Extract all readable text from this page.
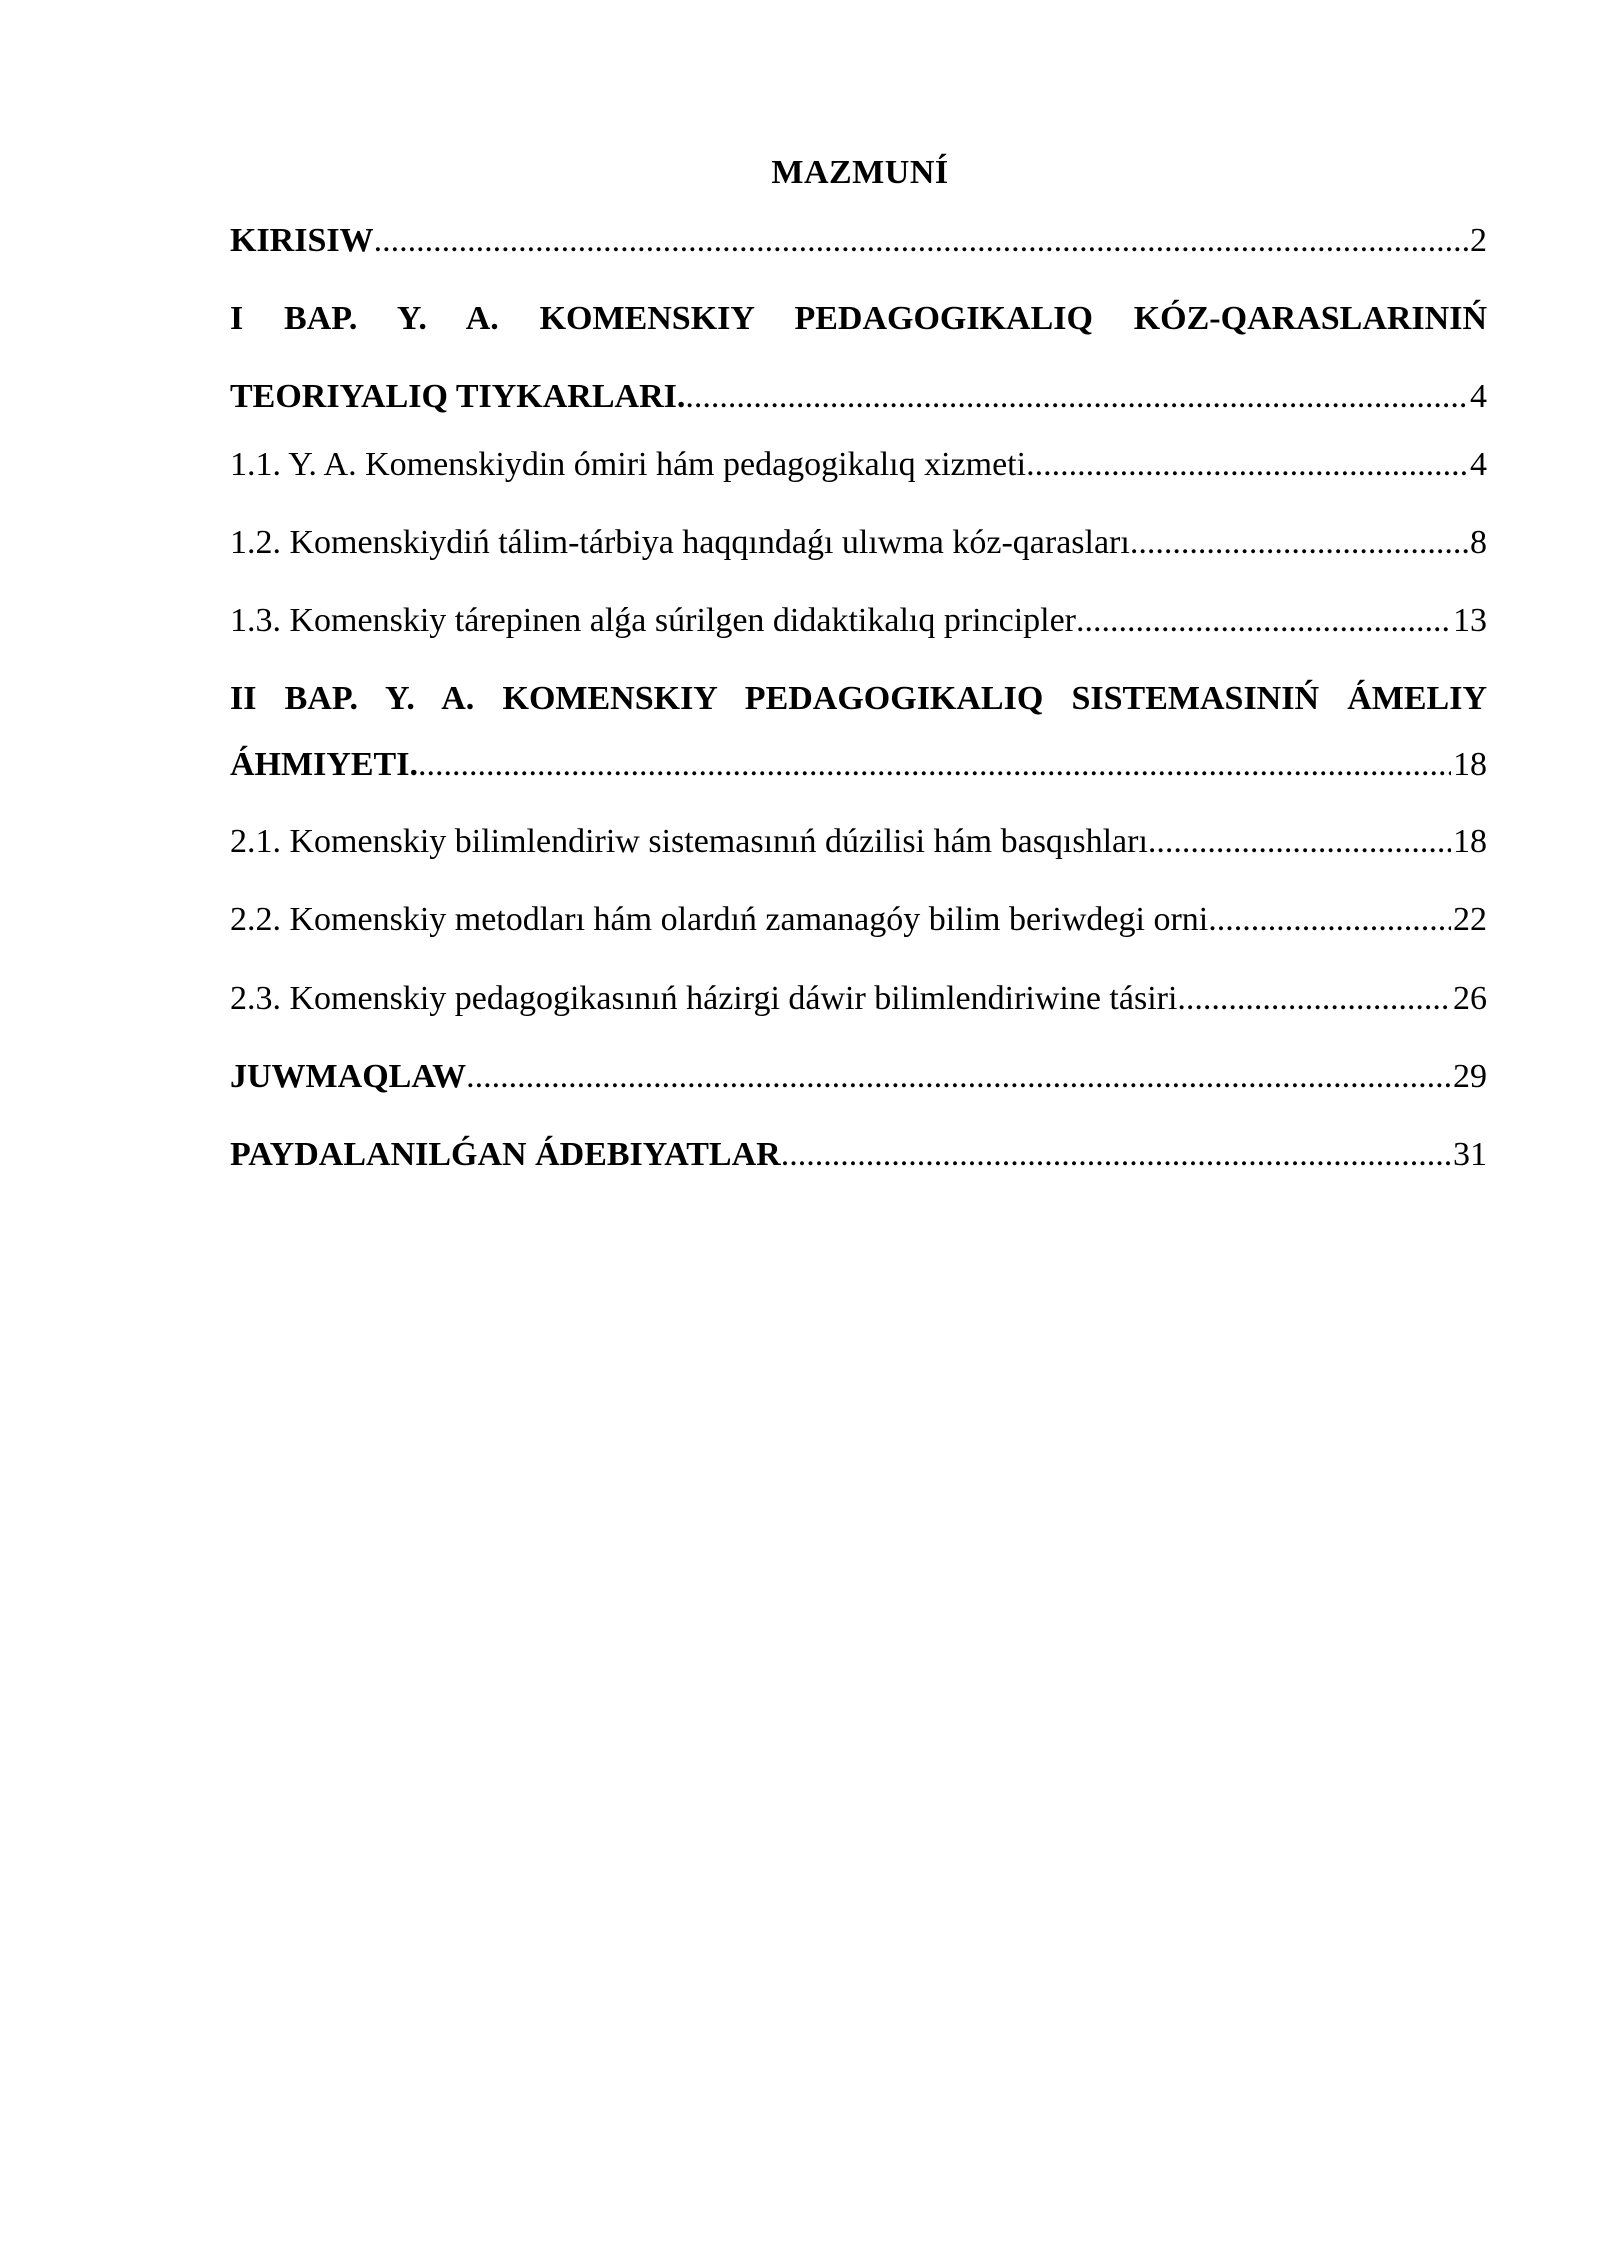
MAZMUNÍ
KIRISIW .....	2
I BAP. Y. A. KOMENSKIY PEDAGOGIKALIQ KÓZ-QARASLARINIŃ
TEORIYALIQ TIYKARLARI. .....	4
1.1. Y. A. Komenskiydin ómiri hám pedagogikalıq xizmeti .....	4
1.2. Komenskiydiń tálim-tárbiya haqqındaǵı ulıwma kóz-qarasları .....	8
1.3. Komenskiy tárepinen alǵa súrilgen didaktikalıq principler .....	13
II BAP. Y. A. KOMENSKIY PEDAGOGIKALIQ SISTEMASINIŃ ÁMELIY
ÁHMIYETI. .....	18
2.1. Komenskiy bilimlendiriw sistemasınıń dúzilisi hám basqıshları .....	18
2.2. Komenskiy metodları hám olardıń zamanagóy bilim beriwdegi orni .....	22
2.3. Komenskiy pedagogikasınıń házirgi dáwir bilimlendiriwine tásiri .....	26
JUWMAQLAW .....	29
PAYDALANILǴAN ÁDEBIYATLAR .....	31
